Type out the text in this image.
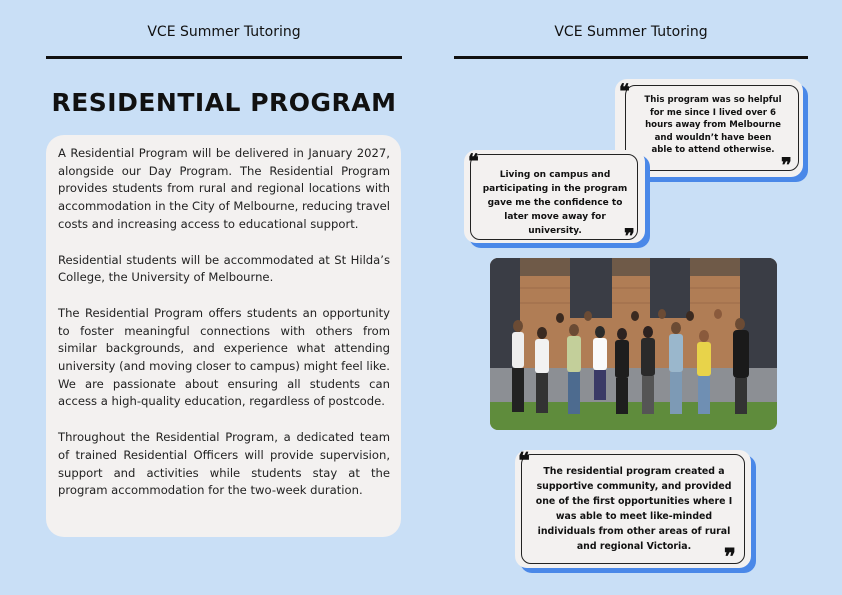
VCE Summer Tutoring	VCE Summer Tutoring
RESIDENTIAL PROGRAM

A Residential Program will be delivered in January 2027, alongside our Day Program. The Residential Program provides students from rural and regional locations with accommodation in the City of Melbourne, reducing travel costs and increasing access to educational support.

Residential students will be accommodated at St Hilda’s College, the University of Melbourne.

The Residential Program offers students an opportunity to foster meaningful connections with others from similar backgrounds, and experience what attending university (and moving closer to campus) might feel like. We are passionate about ensuring all students can access a high-quality education, regardless of postcode.

Throughout the Residential Program, a dedicated team of trained Residential Officers will provide supervision, support and activities while students stay at the program accommodation for the two-week duration.

❝ This program was so helpful for me since I lived over 6 hours away from Melbourne and wouldn’t have been able to attend otherwise.
❞
❝
Living on campus and participating in the program gave me the confidence to later move away for university.	❞
❝	The residential program created a supportive community, and provided one of the first opportunities where I was able to meet like-minded individuals from other areas of rural and regional Victoria.	❞
